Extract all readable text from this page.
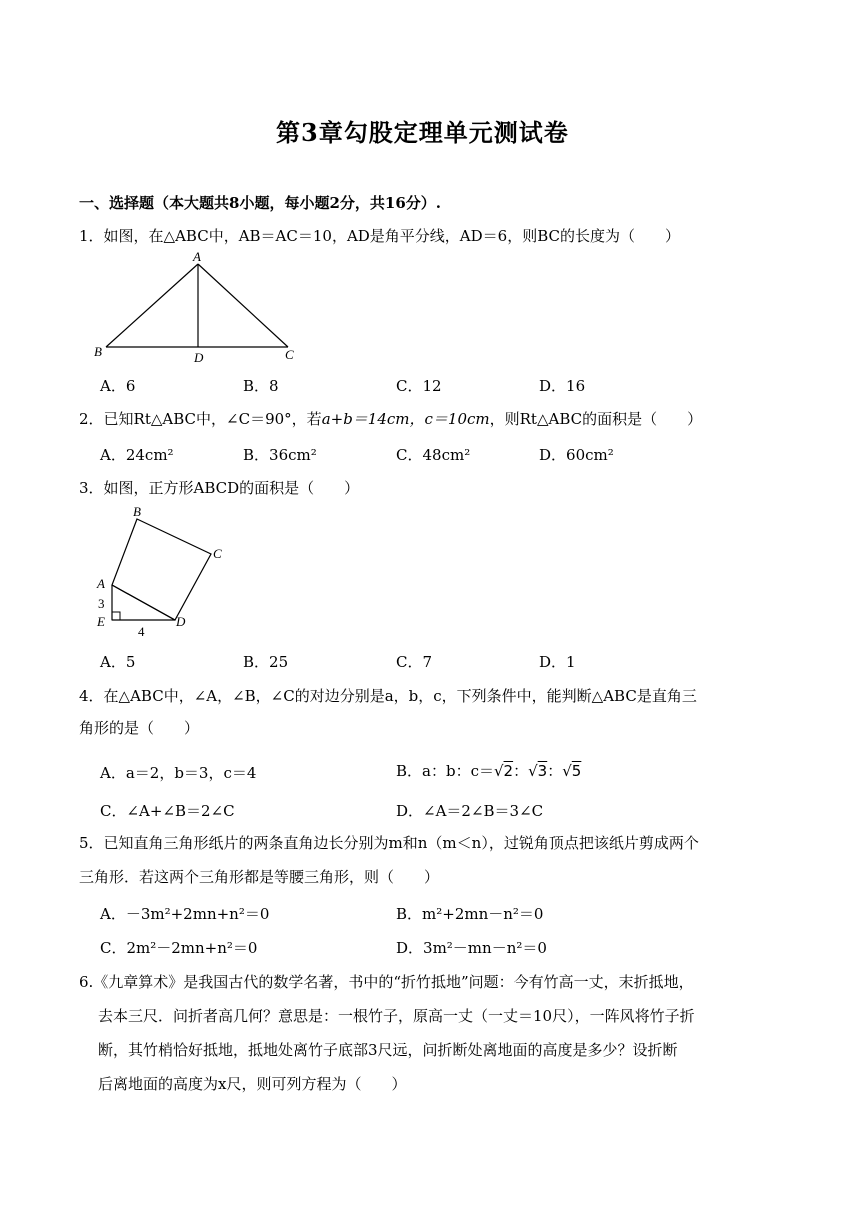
第3章勾股定理单元测试卷
一、选择题（本大题共8小题，每小题2分，共16分）.
1．如图，在△ABC中，AB＝AC＝10，AD是角平分线，AD＝6，则BC的长度为（　　）
A
B	D	C
A．6	B．8	C．12	D．16
2．已知Rt△ABC中，∠C＝90°，若a+b＝14cm，c＝10cm，则Rt△ABC的面积是（　　）
A．24cm²	B．36cm²	C．48cm²	D．60cm²
3．如图，正方形ABCD的面积是（　　）
B
C
A
3
E	D
4
A．5	B．25	C．7	D．1
4．在△ABC中，∠A，∠B，∠C的对边分别是a，b，c，下列条件中，能判断△ABC是直角三
角形的是（　　）
A．a＝2，b＝3，c＝4	B．a：b：c＝√2：√3：√5
C．∠A+∠B＝2∠C	D．∠A＝2∠B＝3∠C
5．已知直角三角形纸片的两条直角边长分别为m和n（m＜n），过锐角顶点把该纸片剪成两个
三角形．若这两个三角形都是等腰三角形，则（　　）
A．－3m²+2mn+n²＝0	B．m²+2mn－n²＝0
C．2m²－2mn+n²＝0	D．3m²－mn－n²＝0
6.《九章算术》是我国古代的数学名著，书中的“折竹抵地”问题：今有竹高一丈，末折抵地，
去本三尺．问折者高几何？意思是：一根竹子，原高一丈（一丈＝10尺），一阵风将竹子折
断，其竹梢恰好抵地，抵地处离竹子底部3尺远，问折断处离地面的高度是多少？设折断
后离地面的高度为x尺，则可列方程为（　　）
